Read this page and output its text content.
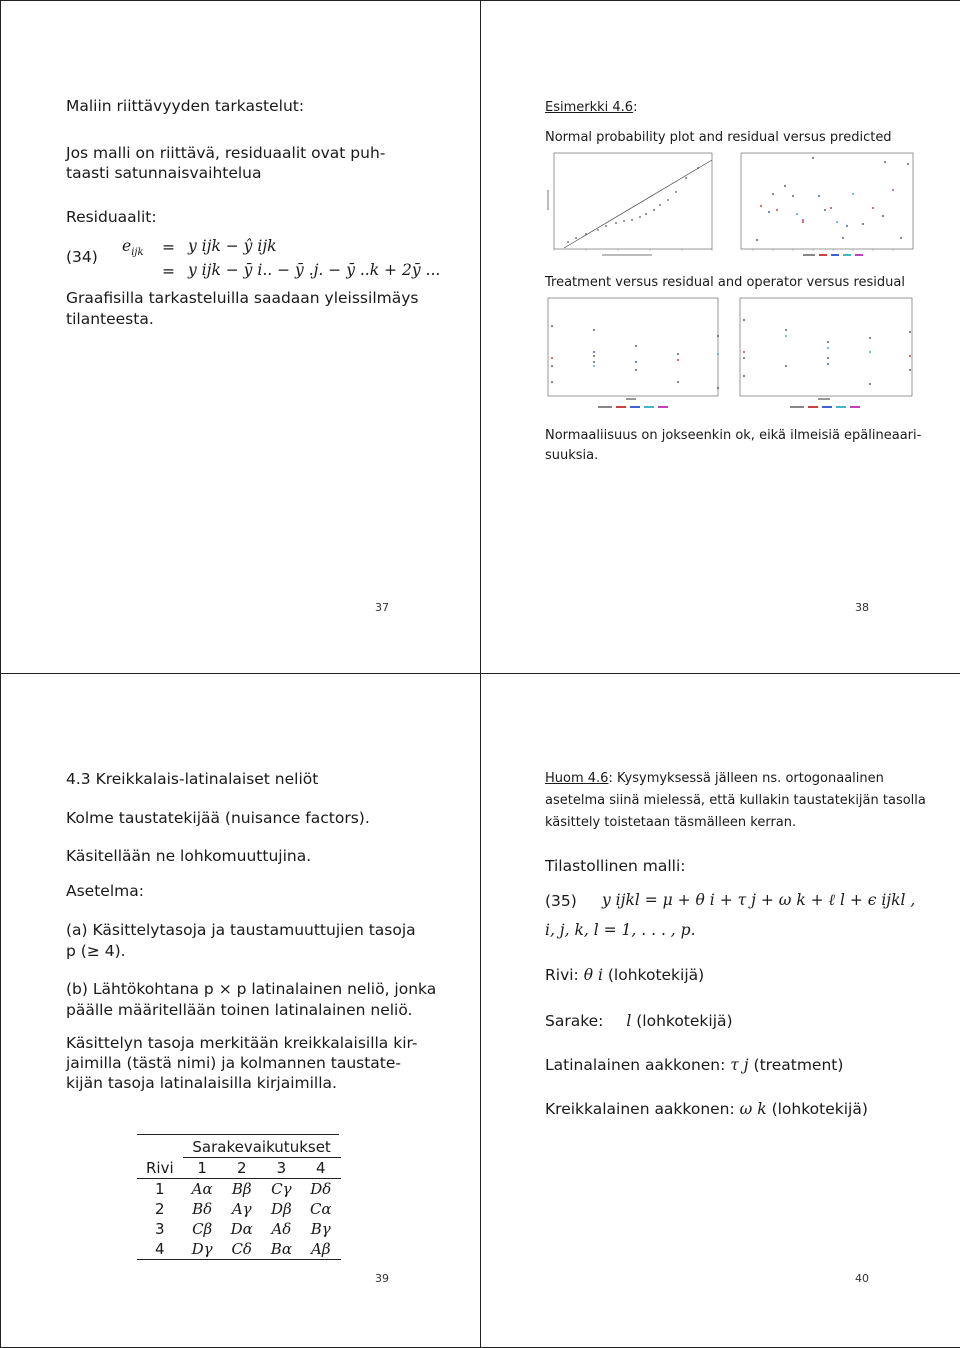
Maliin riittävyyden tarkastelut:
Jos malli on riittävä, residuaalit ovat puh-
taasti satunnaisvaihtelua
Residuaalit:
(34)
$e_{ijk} = y$ ijk − ŷ ijk
= y ijk − ȳ i.. − ȳ .j. − ȳ ..k + 2ȳ ...
Graafisilla tarkasteluilla saadaan yleissilmäys
tilanteesta.
37
Esimerkki 4.6:
Normal probability plot and residual versus predicted
Treatment versus residual and operator versus residual
Normaaliisuus on jokseenkin ok, eikä ilmeisiä epälineaari-
suuksia.
38
4.3 Kreikkalais-latinalaiset neliöt
Kolme taustatekijää (nuisance factors).
Käsitellään ne lohkomuuttujina.
Asetelma:
(a) Käsittelytasoja ja taustamuuttujien tasoja
p (≥ 4).
(b) Lähtökohtana p × p latinalainen neliö, jonka
päälle määritellään toinen latinalainen neliö.
Käsittelyn tasoja merkitään kreikkalaisilla kir-
jaimilla (tästä nimi) ja kolmannen taustate-
kijän tasoja latinalaisilla kirjaimilla.
	Sarakevaikutukset			
Rivi	1	2	3	4
1	Aα	Bβ	Cγ	Dδ
2	Bδ	Aγ	Dβ	Cα
3	Cβ	Dα	Aδ	Bγ
4	Dγ	Cδ	Bα	Aβ
39
Huom 4.6: Kysymyksessä jälleen ns. ortogonaalinen
asetelma siinä mielessä, että kullakin taustatekijän tasolla
käsittely toistetaan täsmälleen kerran.
Tilastollinen malli:
(35) y ijkl = μ + θ i + τ j + ω k + ℓ l + ϵ ijkl ,
i, j, k, l = 1, . . . , p.
Rivi: θ i (lohkotekijä)
Sarake: l (lohkotekijä)
Latinalainen aakkonen: τ j (treatment)
Kreikkalainen aakkonen: ω k (lohkotekijä)
40
